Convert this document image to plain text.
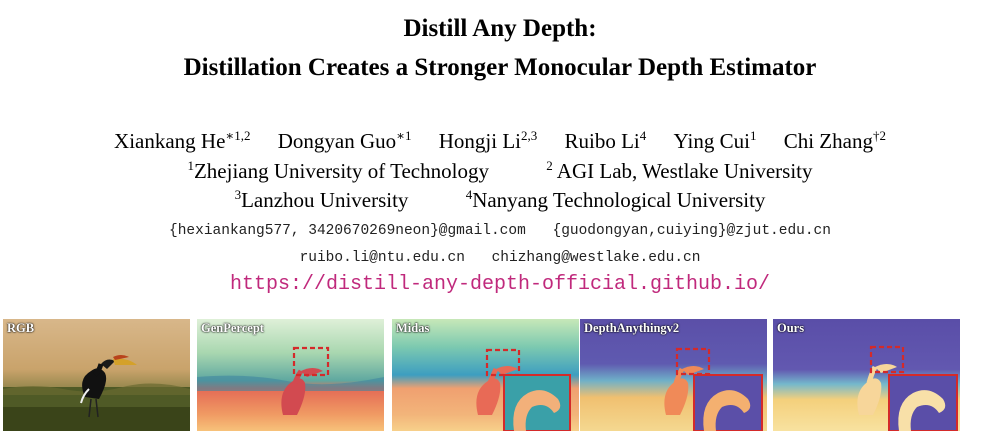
Distill Any Depth:
Distillation Creates a Stronger Monocular Depth Estimator
Xiankang $He^{∗1,2}$ Dongyan Guo$^{∗1}$ Hongji Li$^{2,3}$ Ruibo Li$^4$ Ying Cui$^1$ Chi Zhang$^{\dagger 2}$
$^1$Zhejiang University of Technology	$^2$ AGI Lab, Westlake University
$^3$Lanzhou University	$^4$Nanyang Technological University
{hexiankang577, 3420670269neon}@gmail.com {guodongyan,cuiying}@zjut.edu.cn
ruibo.li@ntu.edu.cn chizhang@westlake.edu.cn
https://distill-any-depth-official.github.io/
RGB	GenPercept	Midas	DepthAnythingv2	Ours
